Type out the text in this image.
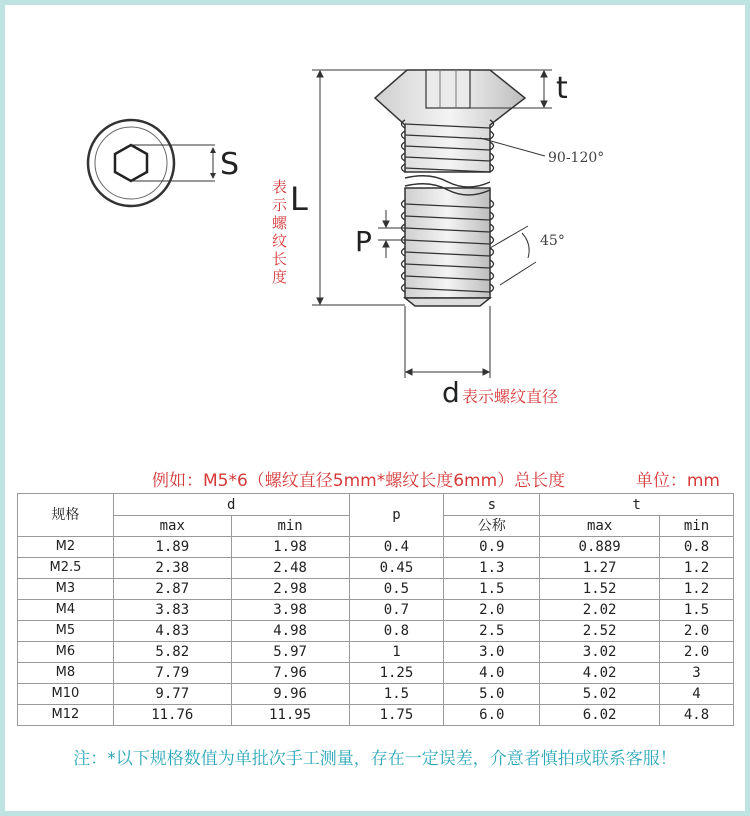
S
t
90-120°
45°
L
表
示
螺
纹
长
度
P
d 表示螺纹直径
例如：M5*6（螺纹直径5mm*螺纹长度6mm）总长度	单位：mm
规格	d		p	s	t	
	max	min		公称	max	min
M2	1.89	1.98	0.4	0.9	0.889	0.8
M2.5	2.38	2.48	0.45	1.3	1.27	1.2
M3	2.87	2.98	0.5	1.5	1.52	1.2
M4	3.83	3.98	0.7	2.0	2.02	1.5
M5	4.83	4.98	0.8	2.5	2.52	2.0
M6	5.82	5.97	1	3.0	3.02	2.0
M8	7.79	7.96	1.25	4.0	4.02	3
M10	9.77	9.96	1.5	5.0	5.02	4
M12	11.76	11.95	1.75	6.0	6.02	4.8
注：*以下规格数值为单批次手工测量，存在一定误差，介意者慎拍或联系客服！
